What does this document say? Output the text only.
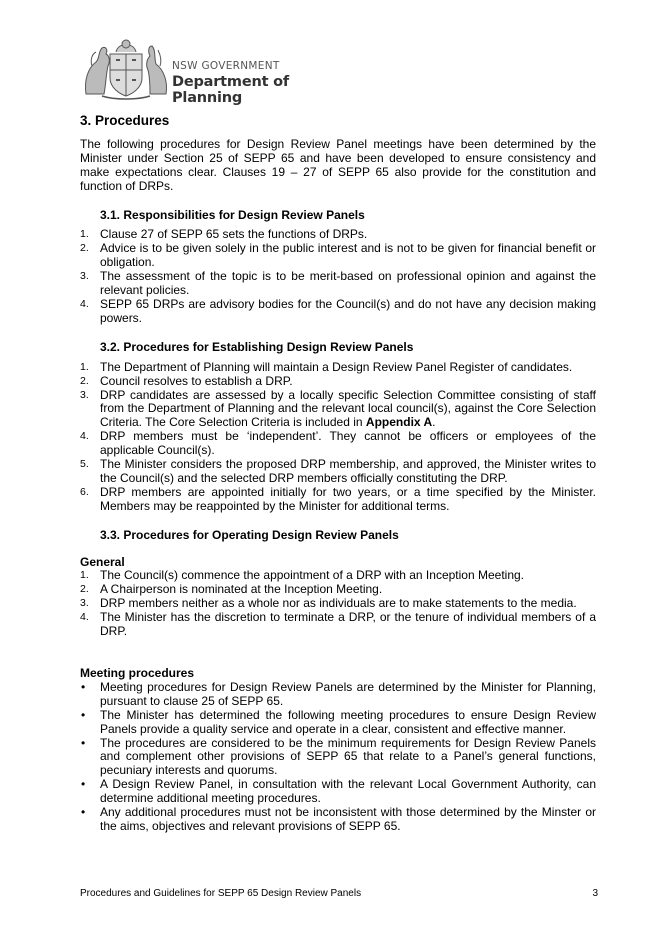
NSW GOVERNMENT
Department of Planning
3. Procedures

The following procedures for Design Review Panel meetings have been determined by the Minister under Section 25 of SEPP 65 and have been developed to ensure consistency and make expectations clear. Clauses 19 – 27 of SEPP 65 also provide for the constitution and function of DRPs.

3.1. Responsibilities for Design Review Panels
1. Clause 27 of SEPP 65 sets the functions of DRPs.
2. Advice is to be given solely in the public interest and is not to be given for financial benefit or obligation.
3. The assessment of the topic is to be merit-based on professional opinion and against the relevant policies.
4. SEPP 65 DRPs are advisory bodies for the Council(s) and do not have any decision making powers.
3.2. Procedures for Establishing Design Review Panels
1. The Department of Planning will maintain a Design Review Panel Register of candidates.
2. Council resolves to establish a DRP.
3. DRP candidates are assessed by a locally specific Selection Committee consisting of staff from the Department of Planning and the relevant local council(s), against the Core Selection Criteria. The Core Selection Criteria is included in Appendix A.
4. DRP members must be ‘independent’. They cannot be officers or employees of the applicable Council(s).
5. The Minister considers the proposed DRP membership, and approved, the Minister writes to the Council(s) and the selected DRP members officially constituting the DRP.
6. DRP members are appointed initially for two years, or a time specified by the Minister. Members may be reappointed by the Minister for additional terms.
3.3. Procedures for Operating Design Review Panels
General
1. The Council(s) commence the appointment of a DRP with an Inception Meeting.
2. A Chairperson is nominated at the Inception Meeting.
3. DRP members neither as a whole nor as individuals are to make statements to the media.
4. The Minister has the discretion to terminate a DRP, or the tenure of individual members of a DRP.
Meeting procedures
• Meeting procedures for Design Review Panels are determined by the Minister for Planning, pursuant to clause 25 of SEPP 65.
• The Minister has determined the following meeting procedures to ensure Design Review Panels provide a quality service and operate in a clear, consistent and effective manner.
• The procedures are considered to be the minimum requirements for Design Review Panels and complement other provisions of SEPP 65 that relate to a Panel’s general functions, pecuniary interests and quorums.
• A Design Review Panel, in consultation with the relevant Local Government Authority, can determine additional meeting procedures.
• Any additional procedures must not be inconsistent with those determined by the Minster or the aims, objectives and relevant provisions of SEPP 65.
Procedures and Guidelines for SEPP 65 Design Review Panels	3
